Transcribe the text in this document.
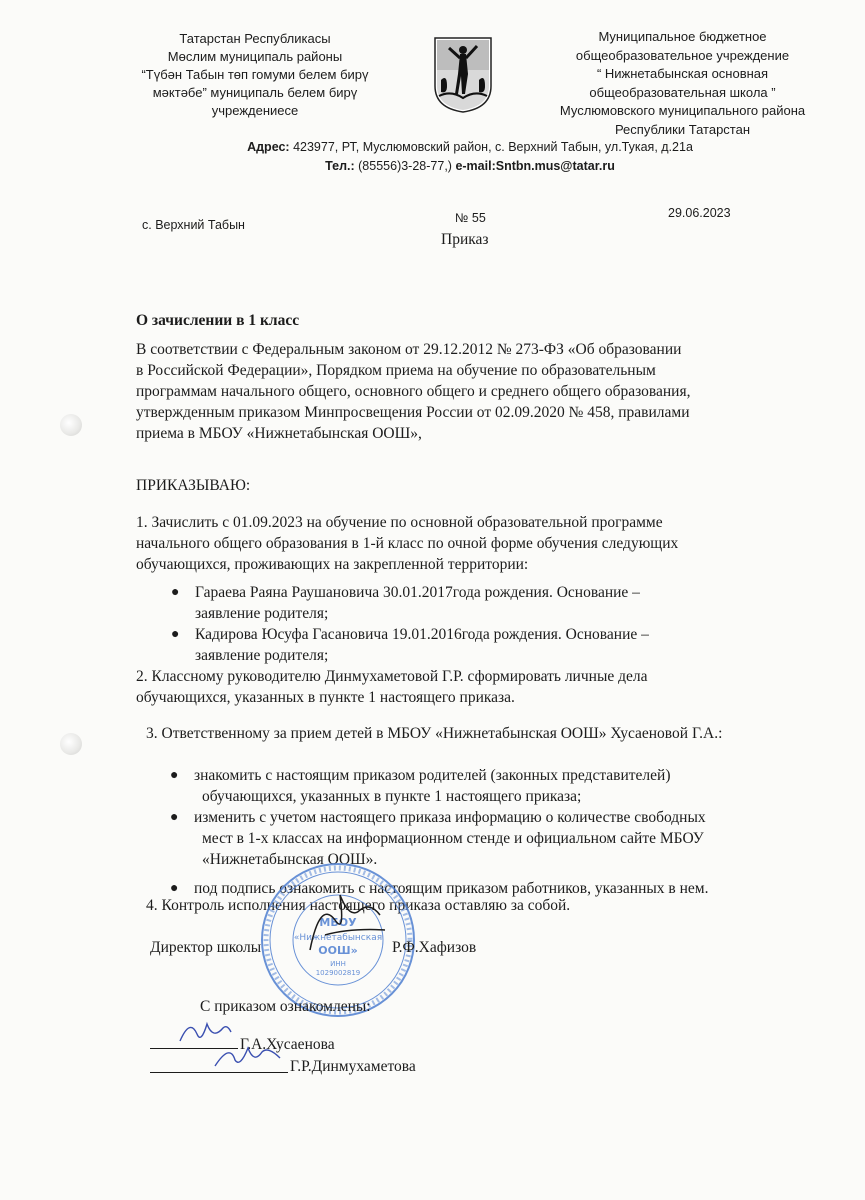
Татарстан Республикасы
Мөслим муниципаль районы
“Түбән Табын төп гомуми белем бирү
мәктәбе” муниципаль белем бирү
учреждениесе
Муниципальное бюджетное
общеобразовательное учреждение
“ Нижнетабынская основная
общеобразовательная школа ”
Муслюмовского муниципального района
Республики Татарстан
Адрес: 423977, РТ, Муслюмовский район, с. Верхний Табын, ул.Тукая, д.21а
Тел.: (85556)3-28-77,) e-mail:Sntbn.mus@tatar.ru
с. Верхний Табын	№ 55	29.06.2023
Приказ
О зачислении в 1 класс
В соответствии с Федеральным законом от 29.12.2012 № 273-ФЗ «Об образовании
в Российской Федерации», Порядком приема на обучение по образовательным
программам начального общего, основного общего и среднего общего образования,
утвержденным приказом Минпросвещения России от 02.09.2020 № 458, правилами
приема в МБОУ «Нижнетабынская ООШ»,
ПРИКАЗЫВАЮ:
1. Зачислить с 01.09.2023 на обучение по основной образовательной программе
начального общего образования в 1-й класс по очной форме обучения следующих
обучающихся, проживающих на закрепленной территории:
● Гараева Раяна Раушановича 30.01.2017года рождения. Основание –
заявление родителя;
● Кадирова Юсуфа Гасановича 19.01.2016года рождения. Основание –
заявление родителя;
2. Классному руководителю Динмухаметовой Г.Р. сформировать личные дела
обучающихся, указанных в пункте 1 настоящего приказа.
3. Ответственному за прием детей в МБОУ «Нижнетабынская ООШ» Хусаеновой Г.А.:
● знакомить с настоящим приказом родителей (законных представителей)
обучающихся, указанных в пункте 1 настоящего приказа;
● изменить с учетом настоящего приказа информацию о количестве свободных
мест в 1-х классах на информационном стенде и официальном сайте МБОУ
«Нижнетабынская ООШ».
● под подпись ознакомить с настоящим приказом работников, указанных в нем.
4. Контроль исполнения настоящего приказа оставляю за собой.
МБОУ
«Нижнетабынская
ООШ»
ИНН
1029002819
Директор школы	Р.Ф.Хафизов
С приказом ознакомлены:
Г.А.Хусаенова
Г.Р.Динмухаметова
